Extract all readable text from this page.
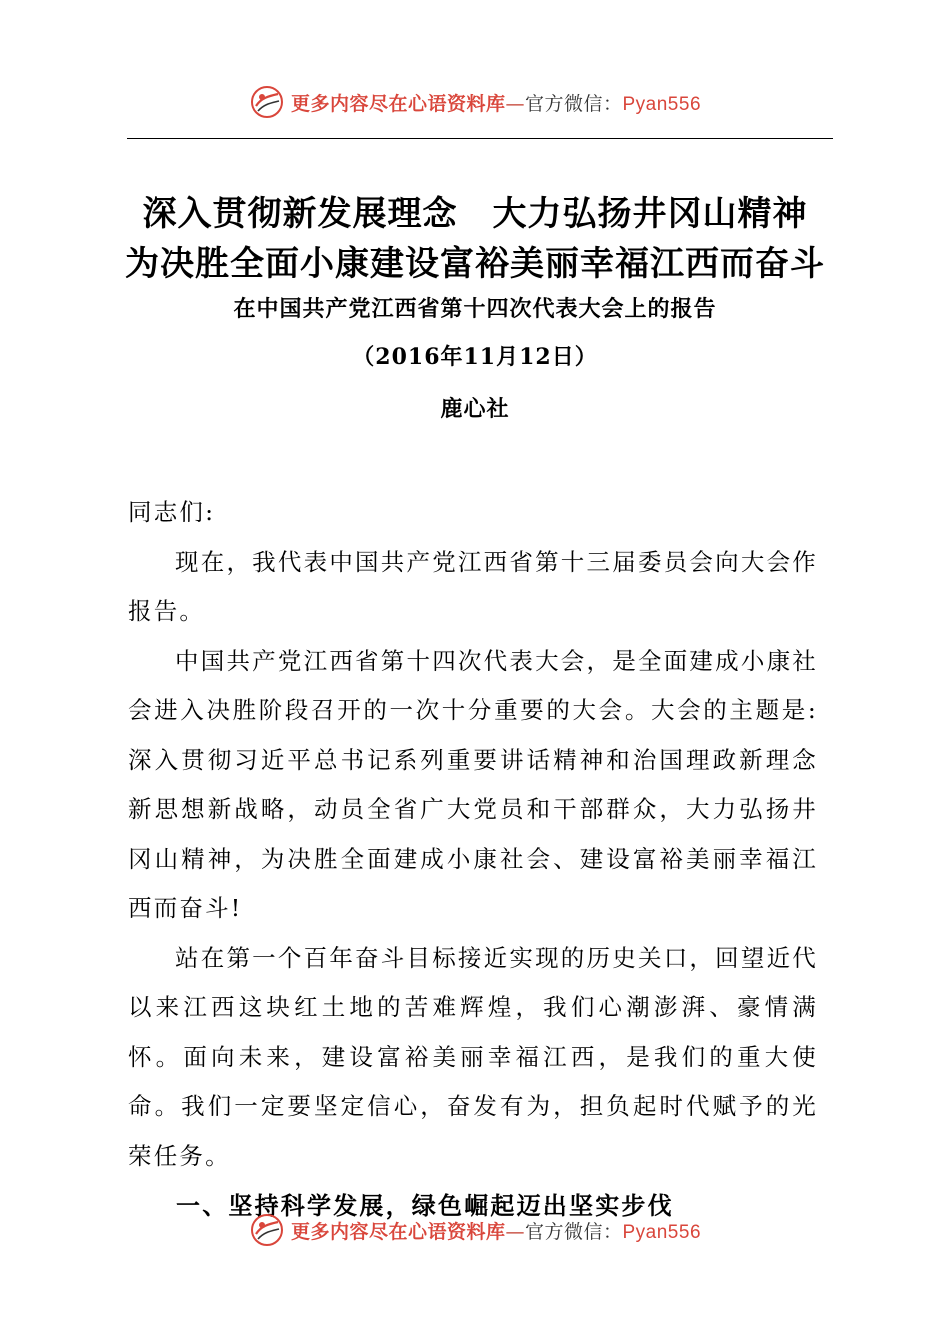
更多内容尽在心语资料库—官方微信：Pyan556
深入贯彻新发展理念　大力弘扬井冈山精神
为决胜全面小康建设富裕美丽幸福江西而奋斗
在中国共产党江西省第十四次代表大会上的报告
（2016年11月12日）
鹿心社

同志们:

现在，我代表中国共产党江西省第十三届委员会向大会作报告。

中国共产党江西省第十四次代表大会，是全面建成小康社会进入决胜阶段召开的一次十分重要的大会。大会的主题是:深入贯彻习近平总书记系列重要讲话精神和治国理政新理念新思想新战略，动员全省广大党员和干部群众，大力弘扬井冈山精神，为决胜全面建成小康社会、建设富裕美丽幸福江西而奋斗!

站在第一个百年奋斗目标接近实现的历史关口，回望近代以来江西这块红土地的苦难辉煌，我们心潮澎湃、豪情满怀。面向未来，建设富裕美丽幸福江西，是我们的重大使命。我们一定要坚定信心，奋发有为，担负起时代赋予的光荣任务。

一、坚持科学发展，绿色崛起迈出坚实步伐

更多内容尽在心语资料库—官方微信：Pyan556
